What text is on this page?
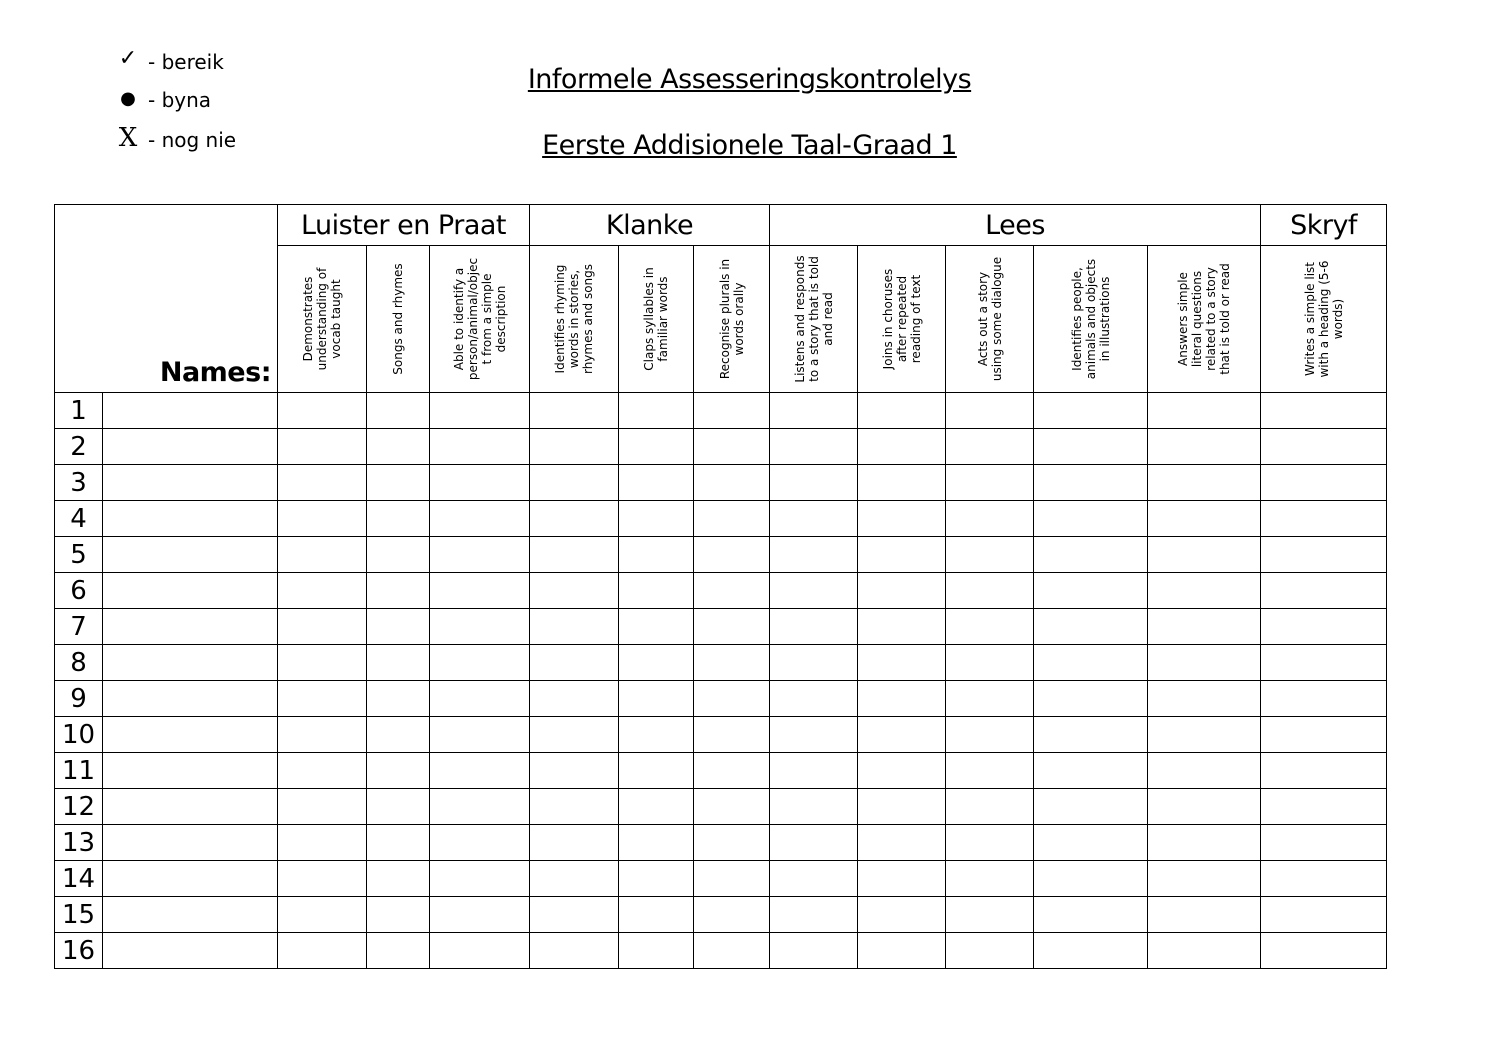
✓ - bereik
● - byna
X - nog nie
Informele Assesseringskontrolelys
Eerste Addisionele Taal-Graad 1
Names:		Luister en Praat			Klanke			Lees					Skryf

		Demonstrates understanding of vocab taught	Songs and rhymes	Able to identify a person/animal/objec t from a simple description	Identifies rhyming words in stories, rhymes and songs	Claps syllables in familiar words	Recognise plurals in words orally	Listens and responds to a story that is told and read	Joins in choruses after repeated reading of text	Acts out a story using some dialogue	Identifies people, animals and objects in illustrations	Answers simple literal questions related to a story that is told or read	Writes a simple list with a heading (5-6 words)

1													
2													
3													
4													
5													
6													
7													
8													
9													
10													
11													
12													
13													
14													
15													
16													
